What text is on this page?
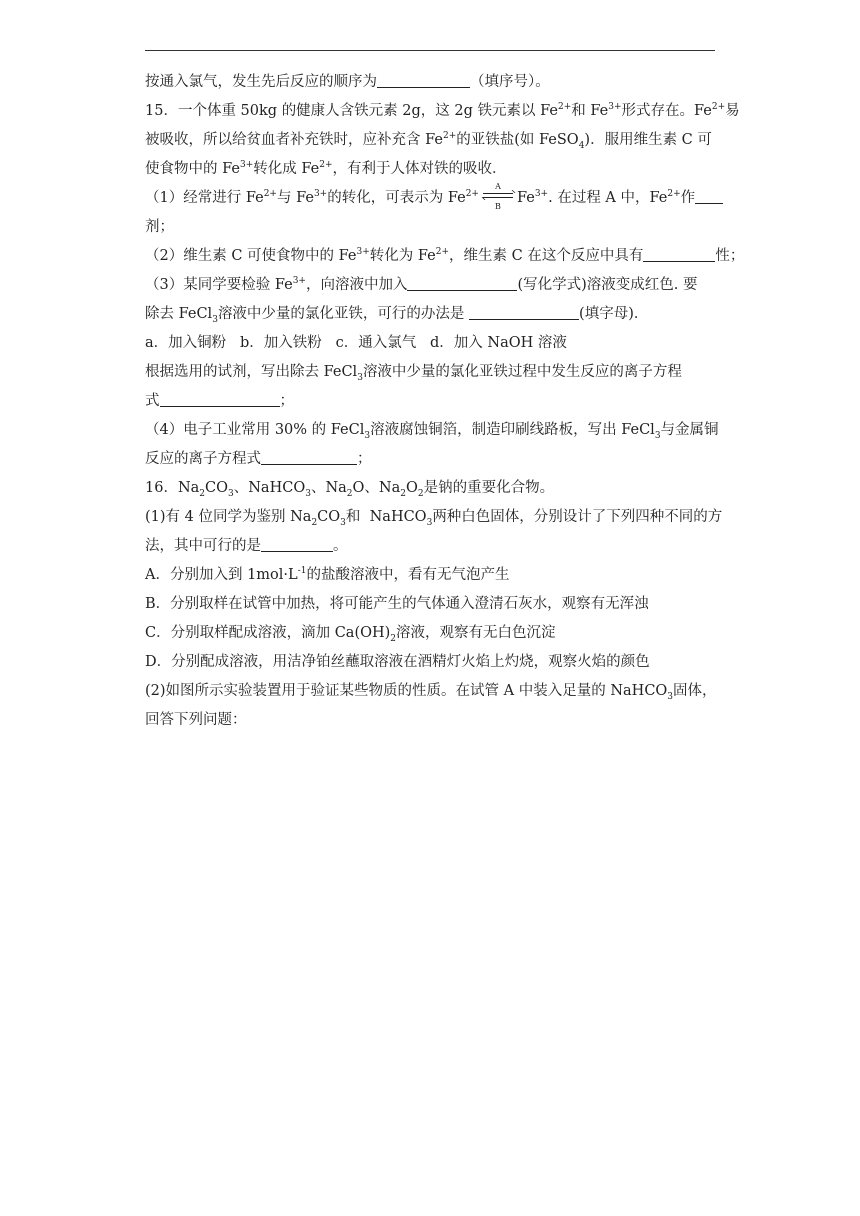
按通入氯气，发生先后反应的顺序为	（填序号）。
15．一个体重 50kg 的健康人含铁元素 2g，这 2g 铁元素以 $Fe^{2+}$和 $Fe^{3+}$形式存在。$Fe^{2+}$易
被吸收，所以给贫血者补充铁时，应补充含 $Fe^{2+}$的亚铁盐(如 FeSO$_4$)．服用维生素 C 可
使食物中的 $Fe^{3+}$转化成 $Fe^{2+}$，有利于人体对铁的吸收．
（1）经常进行 $Fe^{2+}$与 $Fe^{3+}$的转化，可表示为 $Fe^{2+}$
A
B
$Fe^{3+}$. 在过程 A 中，$Fe^{2+}$作
剂；
（2）维生素 C 可使食物中的 $Fe^{3+}$转化为 $Fe^{2+}$，维生素 C 在这个反应中具有	性；
（3）某同学要检验 $Fe^{3+}$，向溶液中加入	(写化学式)溶液变成红色. 要
除去 FeCl$_3$溶液中少量的氯化亚铁，可行的办法是	(填字母)．
a．加入铜粉   b．加入铁粉   c．通入氯气   d．加入 NaOH 溶液
根据选用的试剂，写出除去 FeCl$_3$溶液中少量的氯化亚铁过程中发生反应的离子方程
式	；
（4）电子工业常用 30% 的 FeCl$_3$溶液腐蚀铜箔，制造印刷线路板，写出 FeCl$_3$与金属铜
反应的离子方程式	；
16．$Na_2CO_3$、NaHCO$_3$、$Na_2O$、$Na_2O_2$是钠的重要化合物。
(1)有 4 位同学为鉴别 $Na_2CO_3$和  NaHCO$_3$两种白色固体，分别设计了下列四种不同的方
法，其中可行的是	。
A．分别加入到 $1mol\cdot L^{-1}$的盐酸溶液中，看有无气泡产生
B．分别取样在试管中加热，将可能产生的气体通入澄清石灰水，观察有无浑浊
C．分别取样配成溶液，滴加 $Ca(OH)_2$溶液，观察有无白色沉淀
D．分别配成溶液，用洁净铂丝蘸取溶液在酒精灯火焰上灼烧，观察火焰的颜色
(2)如图所示实验装置用于验证某些物质的性质。在试管 A 中装入足量的 NaHCO$_3$固体，
回答下列问题：
